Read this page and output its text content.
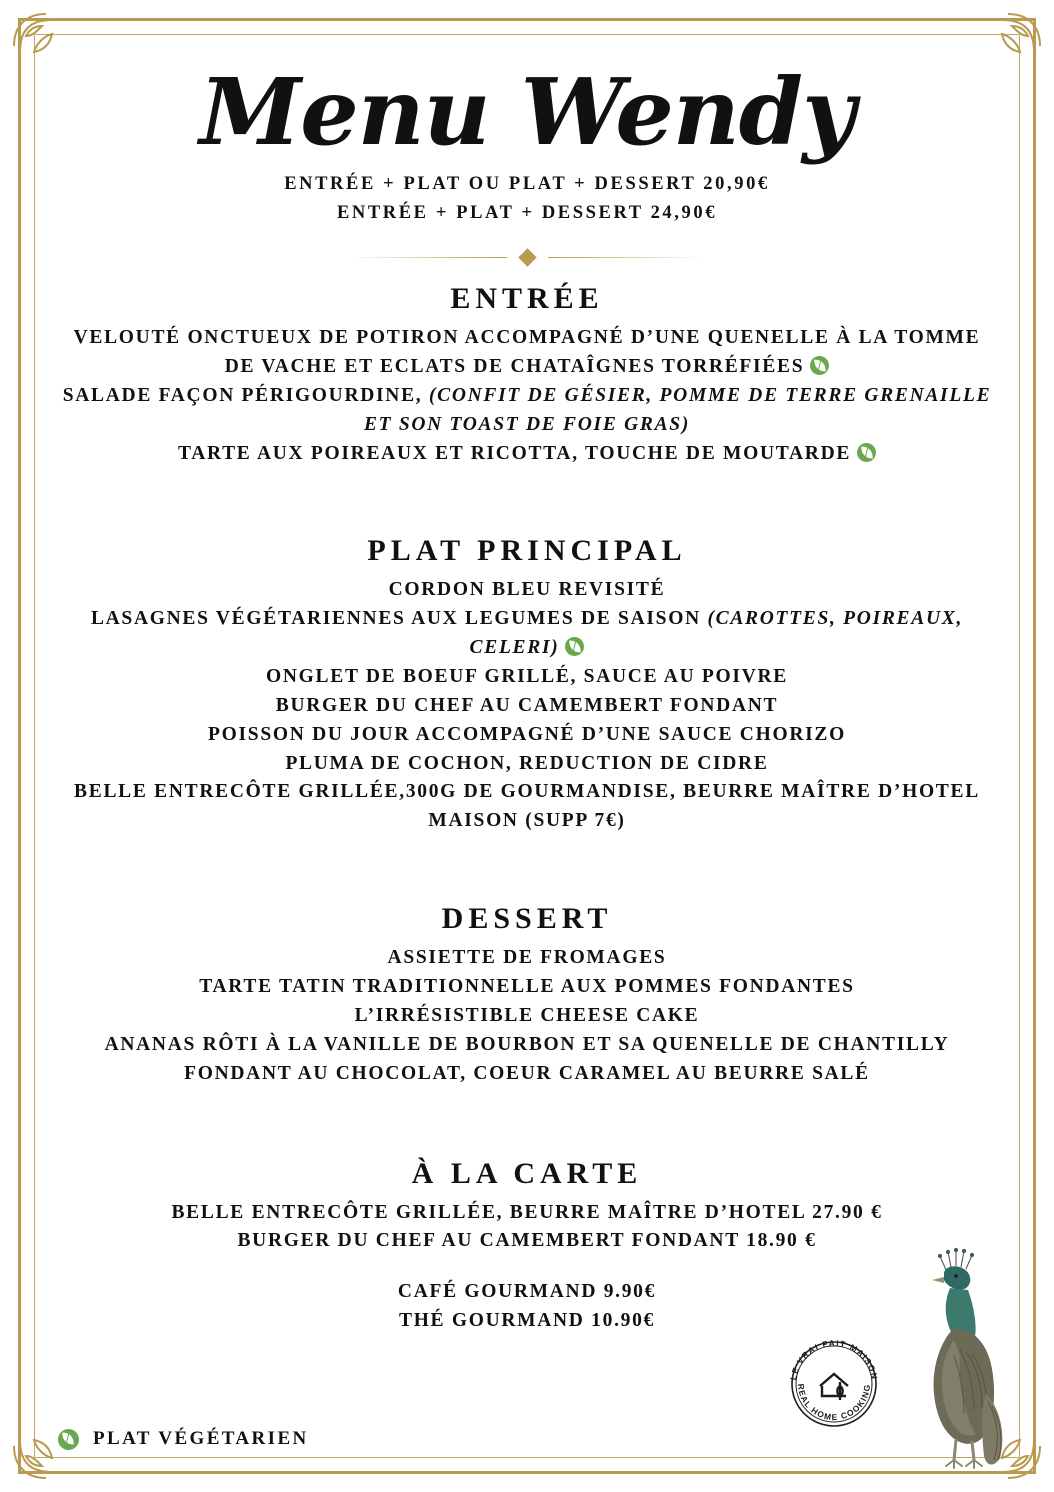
Menu Wendy
ENTRÉE + PLAT OU PLAT + DESSERT 20,90€
ENTRÉE + PLAT + DESSERT 24,90€
ENTRÉE

VELOUTÉ ONCTUEUX DE POTIRON ACCOMPAGNÉ D’UNE QUENELLE À LA TOMME DE VACHE ET ECLATS DE CHATAÎGNES TORRÉFIÉES

SALADE FAÇON PÉRIGOURDINE, (CONFIT DE GÉSIER, POMME DE TERRE GRENAILLE ET SON TOAST DE FOIE GRAS)

TARTE AUX POIREAUX ET RICOTTA, TOUCHE DE MOUTARDE

PLAT PRINCIPAL

CORDON BLEU REVISITÉ

LASAGNES VÉGÉTARIENNES AUX LEGUMES DE SAISON (CAROTTES, POIREAUX, CELERI)

ONGLET DE BOEUF GRILLÉ, SAUCE AU POIVRE

BURGER DU CHEF AU CAMEMBERT FONDANT

POISSON DU JOUR ACCOMPAGNÉ D’UNE SAUCE CHORIZO

PLUMA DE COCHON, REDUCTION DE CIDRE

BELLE ENTRECÔTE GRILLÉE,300G DE GOURMANDISE, BEURRE MAÎTRE D’HOTEL MAISON (SUPP 7€)

DESSERT

ASSIETTE DE FROMAGES

TARTE TATIN TRADITIONNELLE AUX POMMES FONDANTES

L’IRRÉSISTIBLE CHEESE CAKE

ANANAS RÔTI À LA VANILLE DE BOURBON ET SA QUENELLE DE CHANTILLY

FONDANT AU CHOCOLAT, COEUR CARAMEL AU BEURRE SALÉ

À LA CARTE

BELLE ENTRECÔTE GRILLÉE, BEURRE MAÎTRE D’HOTEL 27.90 €

BURGER DU CHEF AU CAMEMBERT FONDANT 18.90 €

CAFÉ GOURMAND 9.90€

THÉ GOURMAND 10.90€

PLAT VÉGÉTARIEN
LE VRAI FAIT MAISON
REAL HOME COOKING
